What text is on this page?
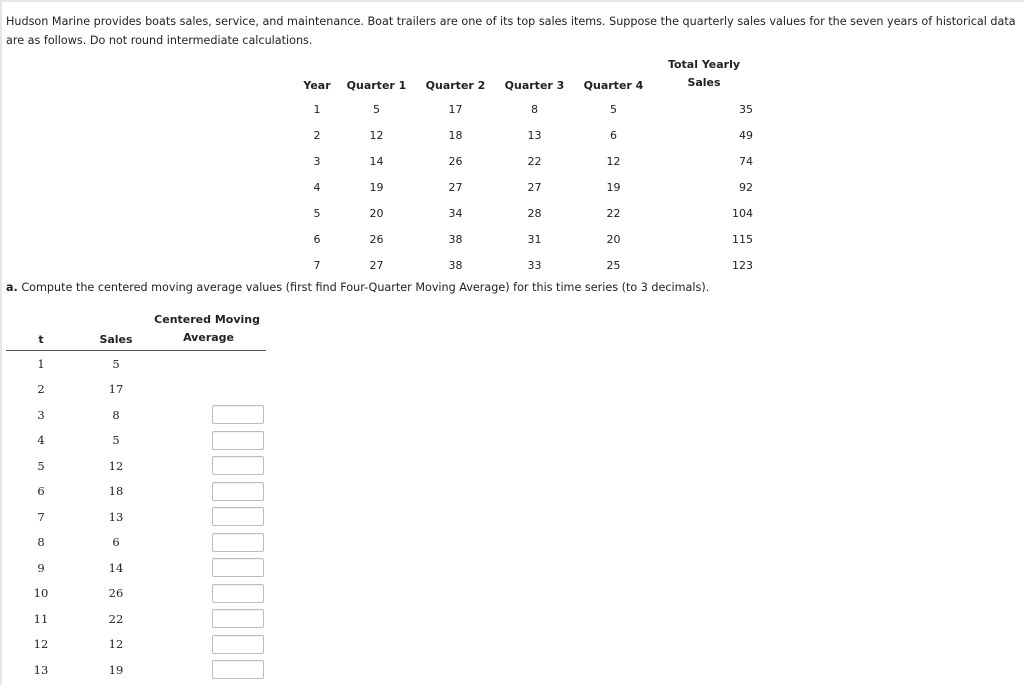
Hudson Marine provides boats sales, service, and maintenance. Boat trailers are one of its top sales items. Suppose the quarterly sales values for the seven years of historical data are as follows. Do not round intermediate calculations.
Year	Quarter 1	Quarter 2	Quarter 3	Quarter 4	Total Yearly
Sales
1	5	17	8	5	35
2	12	18	13	6	49
3	14	26	22	12	74
4	19	27	27	19	92
5	20	34	28	22	104
6	26	38	31	20	115
7	27	38	33	25	123
a. Compute the centered moving average values (first find Four-Quarter Moving Average) for this time series (to 3 decimals).
t	Sales	Centered Moving
Average
1	5	
2	17	
3	8	

4	5	

5	12	

6	18	

7	13	

8	6	

9	14	

10	26	

11	22	

12	12	

13	19	
